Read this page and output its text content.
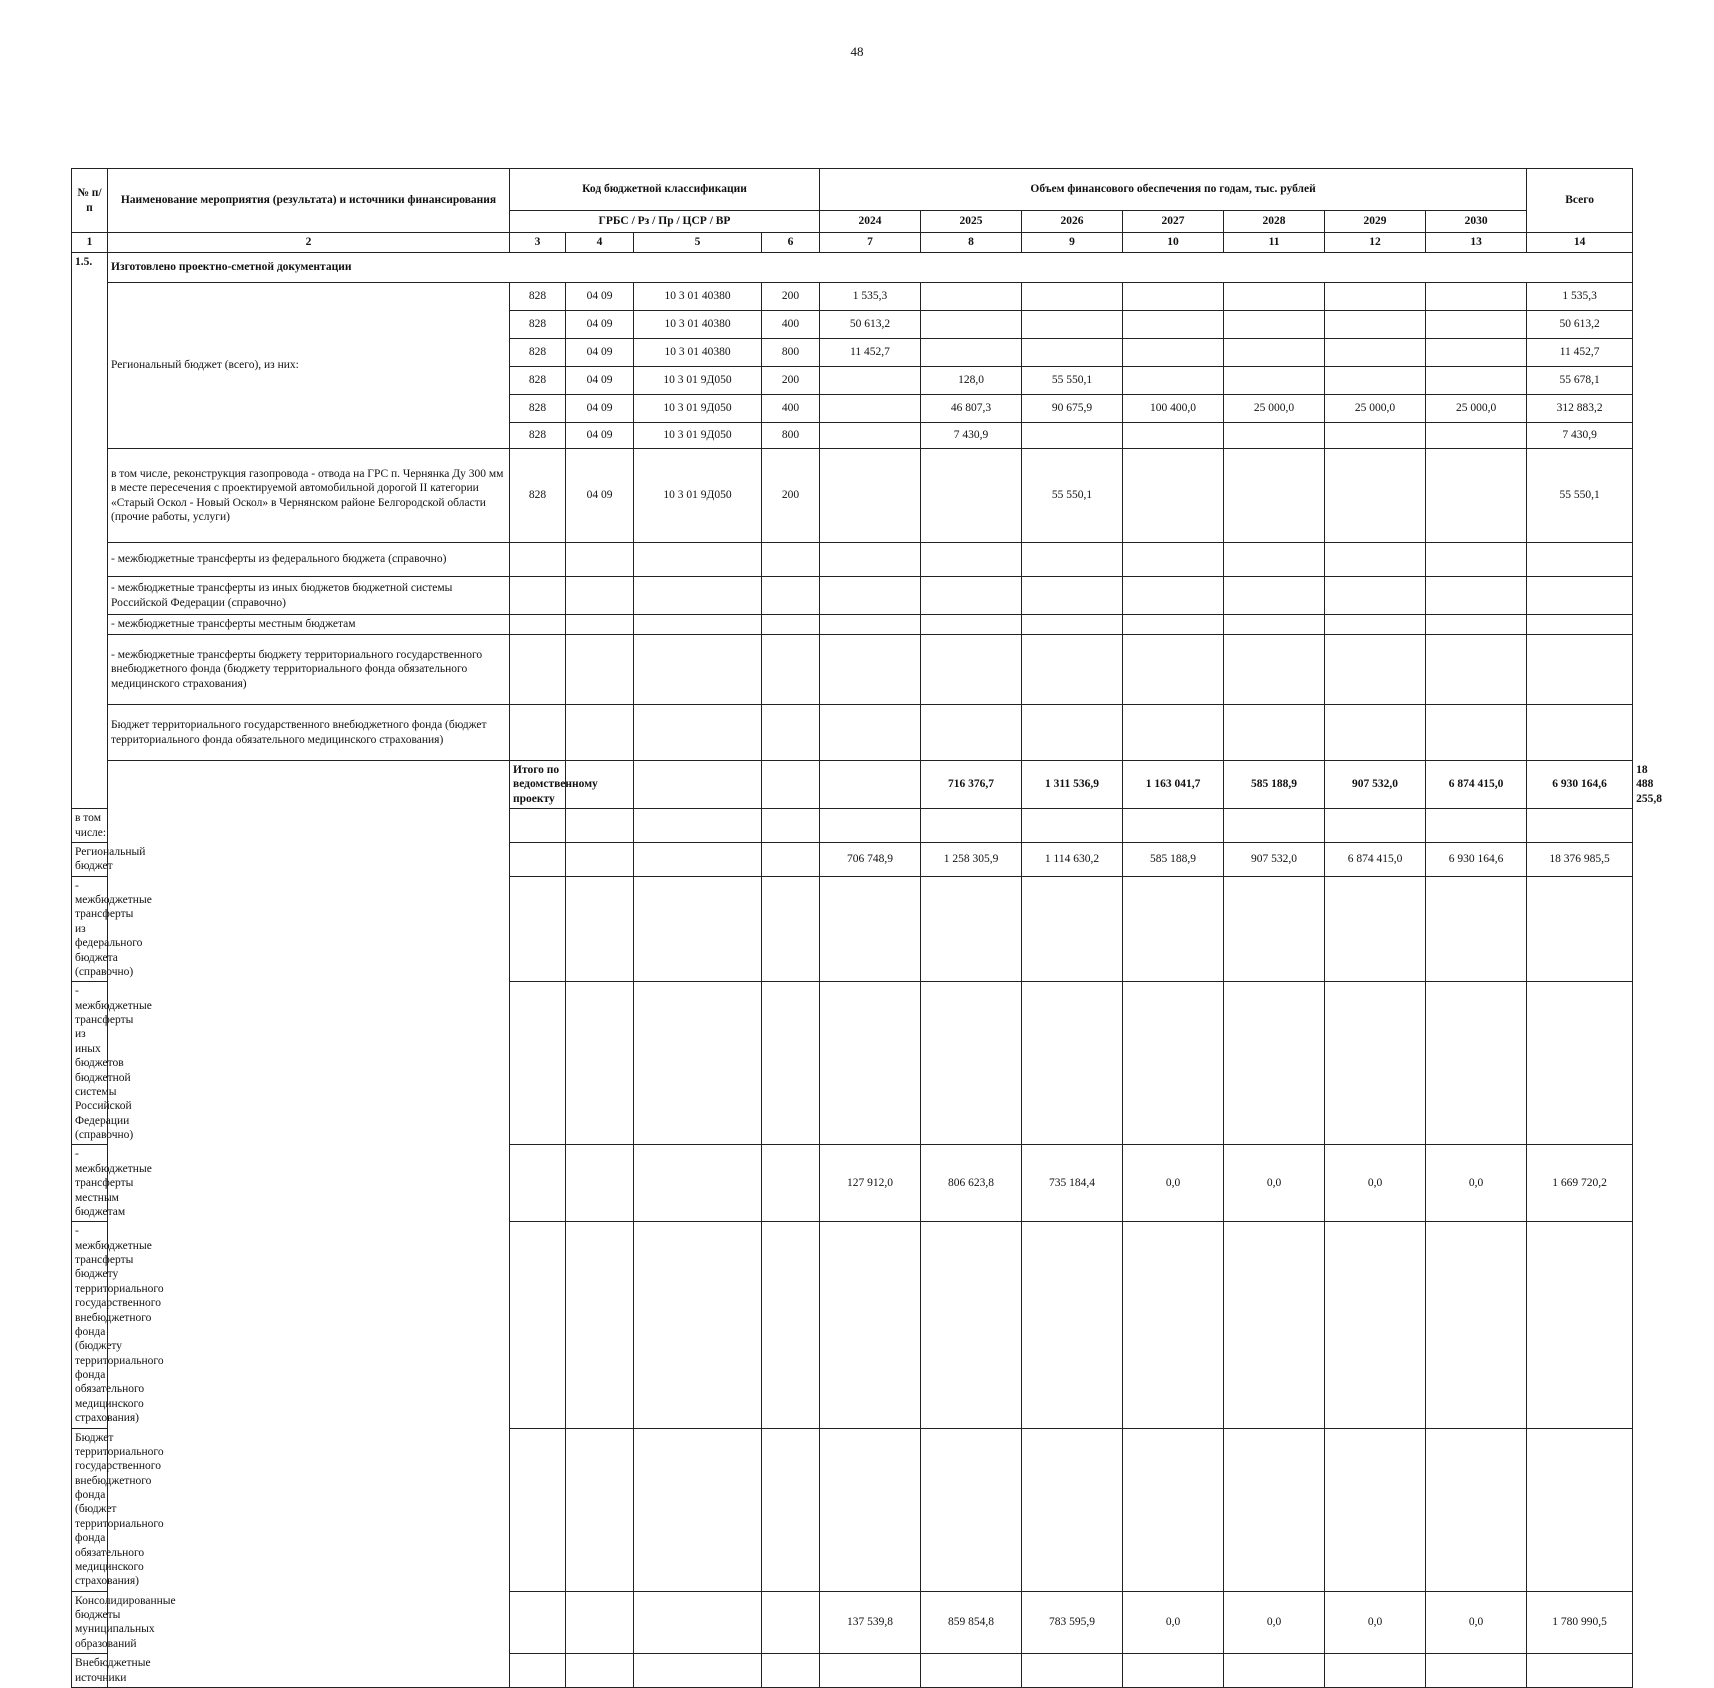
48
№ п/п	Наименование мероприятия (результата) и источники финансирования	Код бюджетной классификации				Объем финансового обеспечения по годам, тыс. рублей							Всего	
		ГРБС / Рз / Пр / ЦСР / ВР				2024	2025	2026	2027	2028	2029	2030		
1	2	3	4	5	6	7	8	9	10	11	12	13	14	
1.5.	Изготовлено проектно-сметной документации													
	Региональный бюджет (всего), из них:	828	04 09	10 3 01 40380	200	1 535,3							1 535,3	
		828	04 09	10 3 01 40380	400	50 613,2							50 613,2	
		828	04 09	10 3 01 40380	800	11 452,7							11 452,7	
		828	04 09	10 3 01 9Д050	200		128,0	55 550,1					55 678,1	
		828	04 09	10 3 01 9Д050	400		46 807,3	90 675,9	100 400,0	25 000,0	25 000,0	25 000,0	312 883,2	
		828	04 09	10 3 01 9Д050	800		7 430,9						7 430,9	
	в том числе, реконструкция газопровода - отвода на ГРС п. Чернянка Ду 300 мм в месте пересечения с проектируемой автомобильной дорогой II категории «Старый Оскол - Новый Оскол» в Чернянском районе Белгородской области (прочие работы, услуги)	828	04 09	10 3 01 9Д050	200			55 550,1					55 550,1	
	- межбюджетные трансферты из федерального бюджета (справочно)													
	- межбюджетные трансферты из иных бюджетов бюджетной системы Российской Федерации (справочно)													
	- межбюджетные трансферты местным бюджетам													
	- межбюджетные трансферты бюджету территориального государственного внебюджетного фонда (бюджету территориального фонда обязательного медицинского страхования)													
	Бюджет территориального государственного внебюджетного фонда (бюджет территориального фонда обязательного медицинского страхования)													
		Итого по ведомственному проекту					716 376,7	1 311 536,9	1 163 041,7	585 188,9	907 532,0	6 874 415,0	6 930 164,6	18 488 255,8
в том числе:														
Региональный бюджет						706 748,9	1 258 305,9	1 114 630,2	585 188,9	907 532,0	6 874 415,0	6 930 164,6	18 376 985,5	
- межбюджетные трансферты из федерального бюджета (справочно)														
- межбюджетные трансферты из иных бюджетов бюджетной системы Российской Федерации (справочно)														
- межбюджетные трансферты местным бюджетам						127 912,0	806 623,8	735 184,4	0,0	0,0	0,0	0,0	1 669 720,2	
- межбюджетные трансферты бюджету территориального государственного внебюджетного фонда (бюджету территориального фонда обязательного медицинского страхования)														
Бюджет территориального государственного внебюджетного фонда (бюджет территориального фонда обязательного медицинского страхования)														
Консолидированные бюджеты муниципальных образований						137 539,8	859 854,8	783 595,9	0,0	0,0	0,0	0,0	1 780 990,5	
Внебюджетные источники														
